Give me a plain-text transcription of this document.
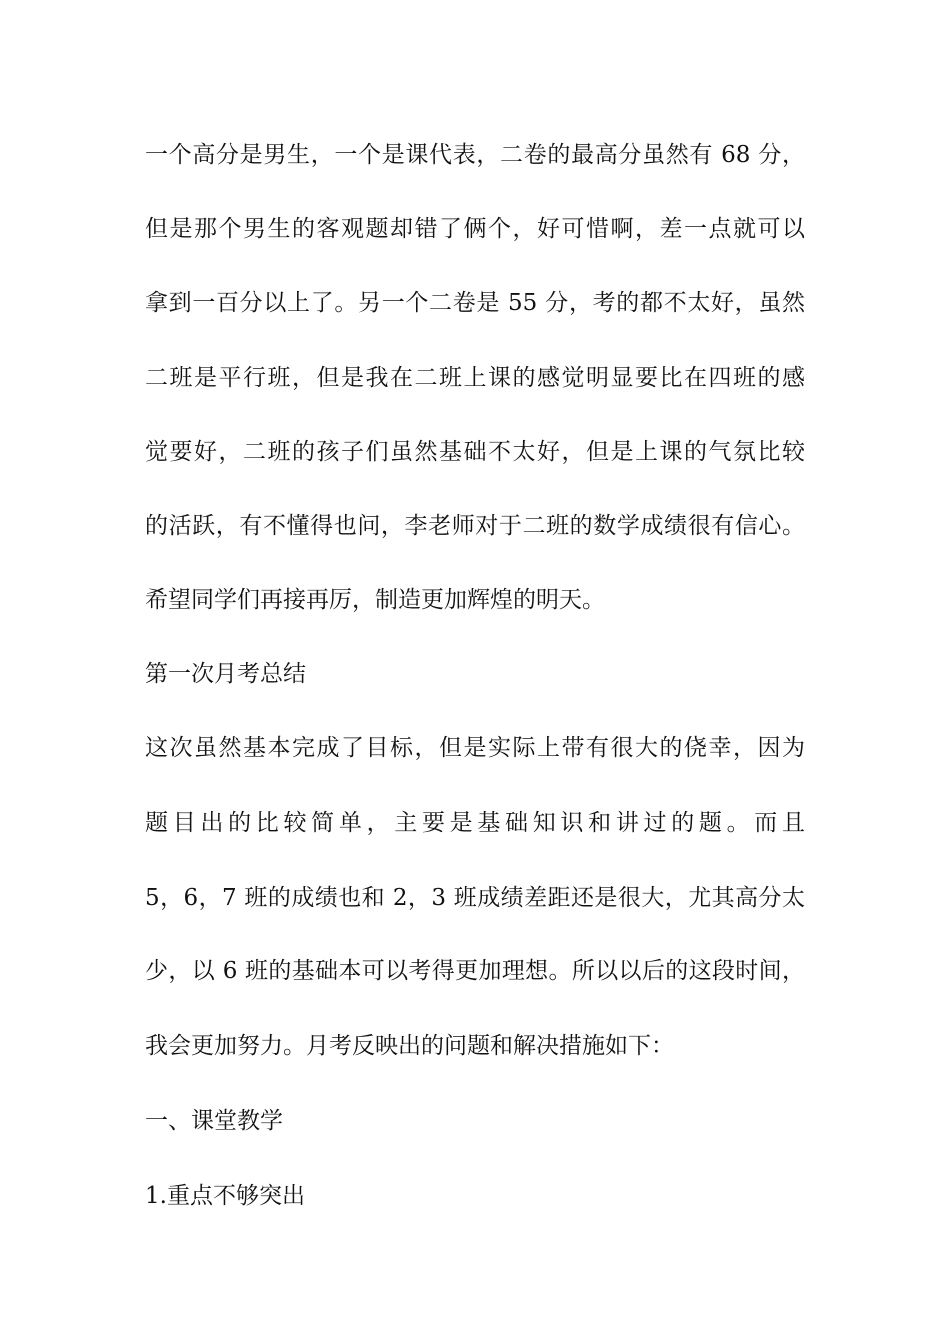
一个高分是男生，一个是课代表，二卷的最高分虽然有 68 分，
但是那个男生的客观题却错了俩个，好可惜啊，差一点就可以
拿到一百分以上了。另一个二卷是 55 分，考的都不太好，虽然
二班是平行班，但是我在二班上课的感觉明显要比在四班的感
觉要好，二班的孩子们虽然基础不太好，但是上课的气氛比较
的活跃，有不懂得也问，李老师对于二班的数学成绩很有信心。
希望同学们再接再厉，制造更加辉煌的明天。
第一次月考总结
这次虽然基本完成了目标，但是实际上带有很大的侥幸，因为
题目出的比较简单，主要是基础知识和讲过的题。而且
5，6，7 班的成绩也和 2，3 班成绩差距还是很大，尤其高分太
少，以 6 班的基础本可以考得更加理想。所以以后的这段时间，
我会更加努力。月考反映出的问题和解决措施如下：
一、课堂教学
1.重点不够突出
